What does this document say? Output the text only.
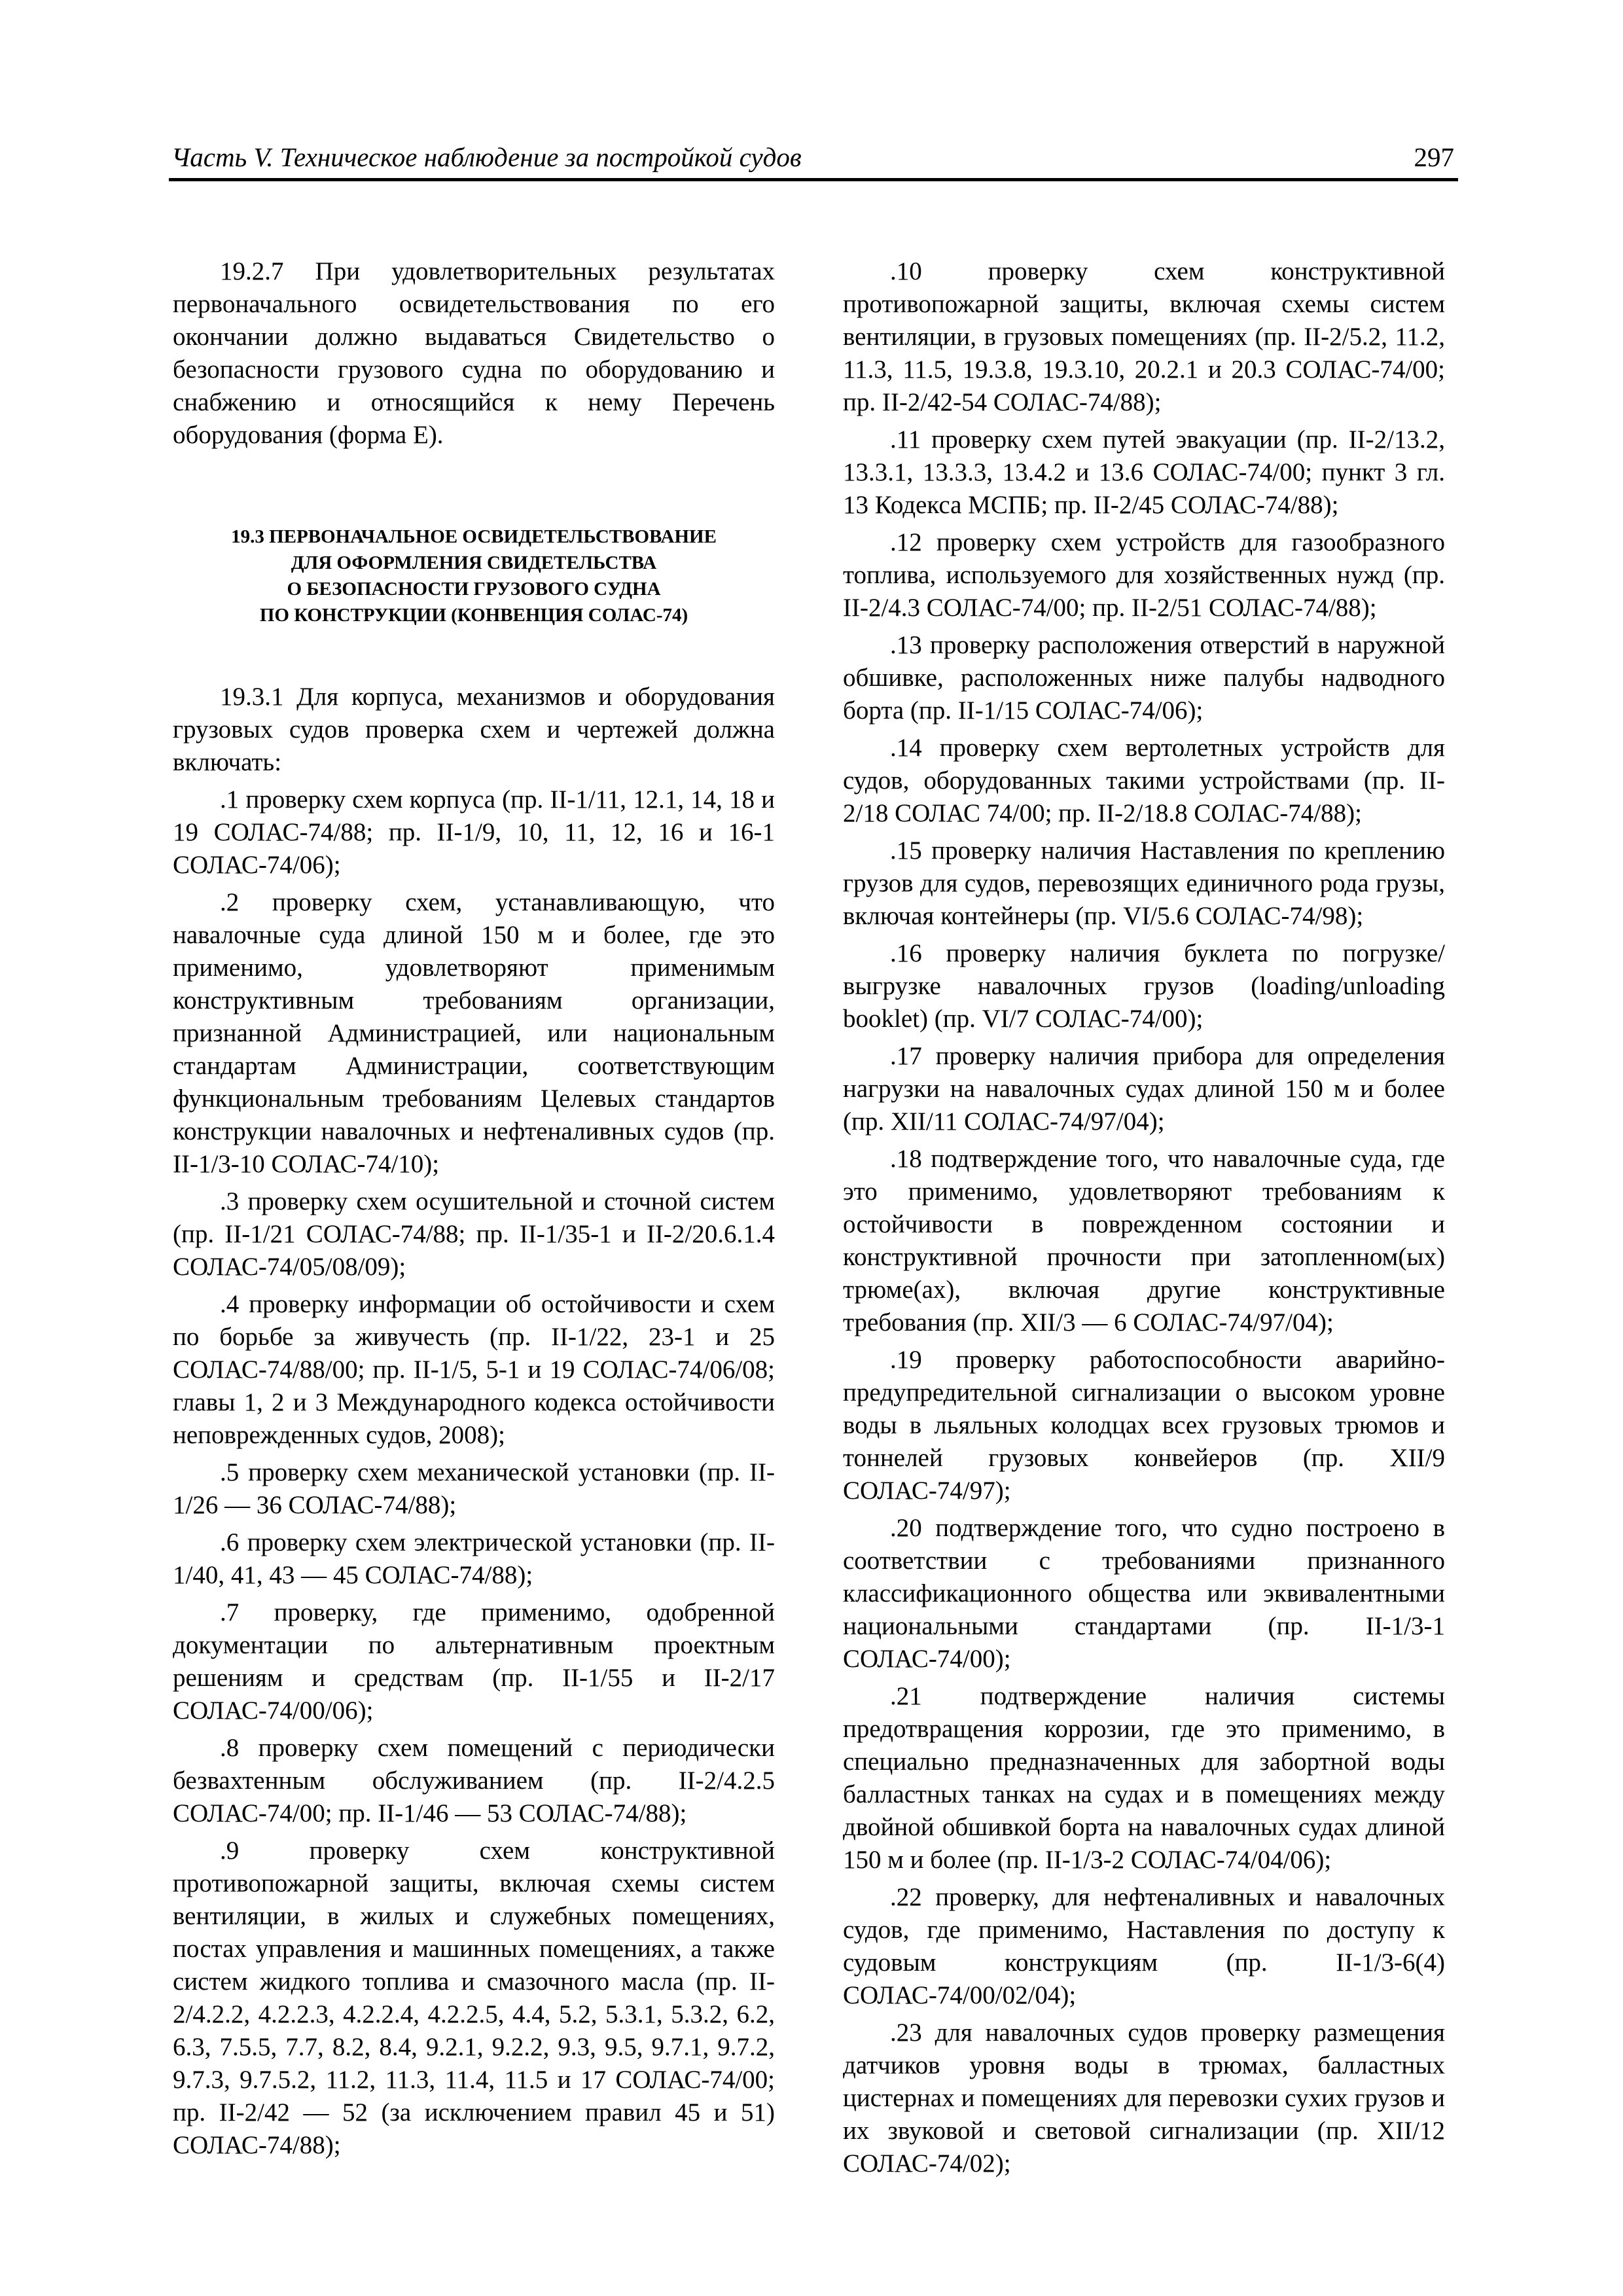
Часть V. Техническое наблюдение за постройкой судов	297

19.2.7 При удовлетворительных результатах первоначального освидетельствования по его окончании должно выдаваться Свидетельство о безопасности грузового судна по оборудованию и снабжению и относящийся к нему Перечень оборудования (форма E).

19.3 ПЕРВОНАЧАЛЬНОЕ ОСВИДЕТЕЛЬСТВОВАНИЕ
ДЛЯ ОФОРМЛЕНИЯ СВИДЕТЕЛЬСТВА
О БЕЗОПАСНОСТИ ГРУЗОВОГО СУДНА
ПО КОНСТРУКЦИИ (КОНВЕНЦИЯ СОЛАС-74)

19.3.1 Для корпуса, механизмов и оборудования грузовых судов проверка схем и чертежей должна включать:

.1 проверку схем корпуса (пр. II-1/11, 12.1, 14, 18 и 19 СОЛАС-74/88; пр. II-1/9, 10, 11, 12, 16 и 16-1 СОЛАС-74/06);

.2 проверку схем, устанавливающую, что навалочные суда длиной 150 м и более, где это применимо, удовлетворяют применимым конструктивным требованиям организации, признанной Администрацией, или национальным стандартам Администрации, соответствующим функциональным требованиям Целевых стандартов конструкции навалочных и нефтеналивных судов (пр. II-1/3-10 СОЛАС-74/10);

.3 проверку схем осушительной и сточной систем (пр. II-1/21 СОЛАС-74/88; пр. II-1/35-1 и II-2/20.6.1.4 СОЛАС-74/05/08/09);

.4 проверку информации об остойчивости и схем по борьбе за живучесть (пр. II-1/22, 23-1 и 25 СОЛАС-74/88/00; пр. II-1/5, 5-1 и 19 СОЛАС-74/06/08; главы 1, 2 и 3 Международного кодекса остойчивости неповрежденных судов, 2008);

.5 проверку схем механической установки (пр. II-1/26 — 36 СОЛАС-74/88);

.6 проверку схем электрической установки (пр. II-1/40, 41, 43 — 45 СОЛАС-74/88);

.7 проверку, где применимо, одобренной документации по альтернативным проектным решениям и средствам (пр. II-1/55 и II-2/17 СОЛАС-74/00/06);

.8 проверку схем помещений с периодически безвахтенным обслуживанием (пр. II-2/4.2.5 СОЛАС-74/00; пр. II-1/46 — 53 СОЛАС-74/88);

.9 проверку схем конструктивной противопожарной защиты, включая схемы систем вентиляции, в жилых и служебных помещениях, постах управления и машинных помещениях, а также систем жидкого топлива и смазочного масла (пр. II-2/4.2.2, 4.2.2.3, 4.2.2.4, 4.2.2.5, 4.4, 5.2, 5.3.1, 5.3.2, 6.2, 6.3, 7.5.5, 7.7, 8.2, 8.4, 9.2.1, 9.2.2, 9.3, 9.5, 9.7.1, 9.7.2, 9.7.3, 9.7.5.2, 11.2, 11.3, 11.4, 11.5 и 17 СОЛАС-74/00; пр. II-2/42 — 52 (за исключением правил 45 и 51) СОЛАС-74/88);

.10 проверку схем конструктивной противопожарной защиты, включая схемы систем вентиляции, в грузовых помещениях (пр. II-2/5.2, 11.2, 11.3, 11.5, 19.3.8, 19.3.10, 20.2.1 и 20.3 СОЛАС-74/00; пр. II-2/42-54 СОЛАС-74/88);

.11 проверку схем путей эвакуации (пр. II-2/13.2, 13.3.1, 13.3.3, 13.4.2 и 13.6 СОЛАС-74/00; пункт 3 гл. 13 Кодекса МСПБ; пр. II-2/45 СОЛАС-74/88);

.12 проверку схем устройств для газообразного топлива, используемого для хозяйственных нужд (пр. II-2/4.3 СОЛАС-74/00; пр. II-2/51 СОЛАС-74/88);

.13 проверку расположения отверстий в наружной обшивке, расположенных ниже палубы надводного борта (пр. II-1/15 СОЛАС-74/06);

.14 проверку схем вертолетных устройств для судов, оборудованных такими устройствами (пр. II-2/18 СОЛАС 74/00; пр. II-2/18.8 СОЛАС-74/88);

.15 проверку наличия Наставления по креплению грузов для судов, перевозящих единичного рода грузы, включая контейнеры (пр. VI/5.6 СОЛАС-74/98);

.16 проверку наличия буклета по погрузке/ выгрузке навалочных грузов (loading/unloading booklet) (пр. VI/7 СОЛАС-74/00);

.17 проверку наличия прибора для определения нагрузки на навалочных судах длиной 150 м и более (пр. XII/11 СОЛАС-74/97/04);

.18 подтверждение того, что навалочные суда, где это применимо, удовлетворяют требованиям к остойчивости в поврежденном состоянии и конструктивной прочности при затопленном(ых) трюме(ах), включая другие конструктивные требования (пр. XII/3 — 6 СОЛАС-74/97/04);

.19 проверку работоспособности аварийно-предупредительной сигнализации о высоком уровне воды в льяльных колодцах всех грузовых трюмов и тоннелей грузовых конвейеров (пр. XII/9 СОЛАС-74/97);

.20 подтверждение того, что судно построено в соответствии с требованиями признанного классификационного общества или эквивалентными национальными стандартами (пр. II-1/3-1 СОЛАС-74/00);

.21 подтверждение наличия системы предотвращения коррозии, где это применимо, в специально предназначенных для забортной воды балластных танках на судах и в помещениях между двойной обшивкой борта на навалочных судах длиной 150 м и более (пр. II-1/3-2 СОЛАС-74/04/06);

.22 проверку, для нефтеналивных и навалочных судов, где применимо, Наставления по доступу к судовым конструкциям (пр. II-1/3-6(4) СОЛАС-74/00/02/04);

.23 для навалочных судов проверку размещения датчиков уровня воды в трюмах, балластных цистернах и помещениях для перевозки сухих грузов и их звуковой и световой сигнализации (пр. XII/12 СОЛАС-74/02);
